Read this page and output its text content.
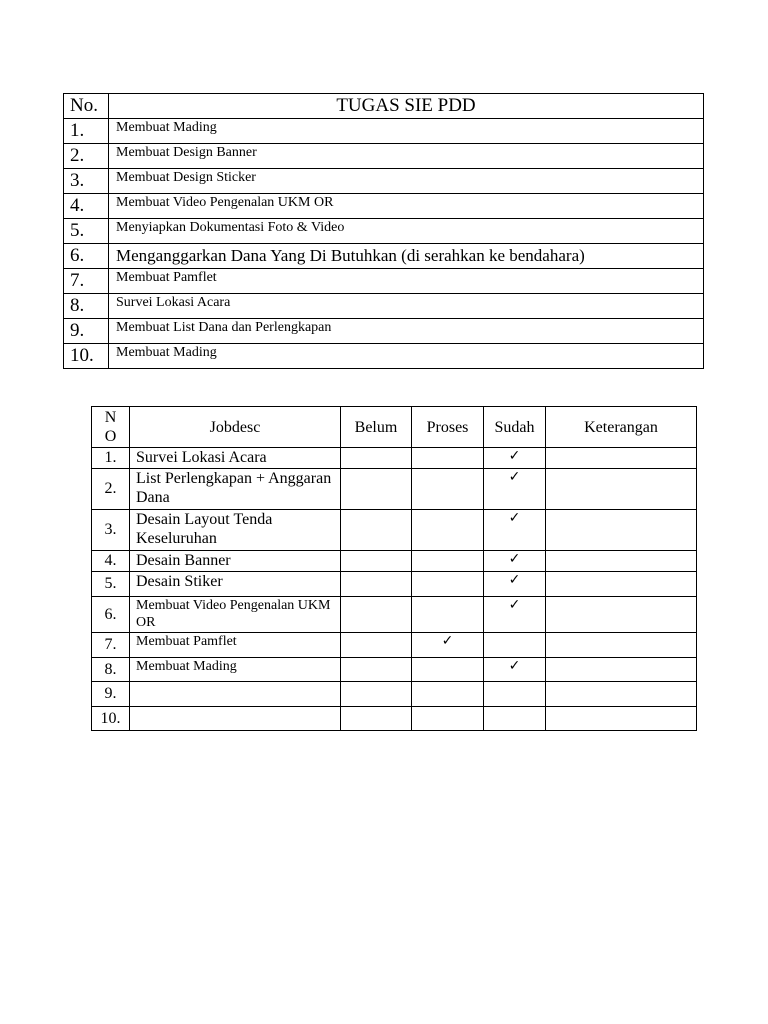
No.	TUGAS SIE PDD
1.	Membuat Mading
2.	Membuat Design Banner
3.	Membuat Design Sticker
4.	Membuat Video Pengenalan UKM OR
5.	Menyiapkan Dokumentasi Foto & Video
6.	Menganggarkan Dana Yang Di Butuhkan (di serahkan ke bendahara)
7.	Membuat Pamflet
8.	Survei Lokasi Acara
9.	Membuat List Dana dan Perlengkapan
10.	Membuat Mading
N
O	Jobdesc	Belum	Proses	Sudah	Keterangan
1.	Survei Lokasi Acara			✓	
2.	List Perlengkapan + Anggaran Dana			✓	
3.	Desain Layout Tenda Keseluruhan			✓	
4.	Desain Banner			✓	
5.	Desain Stiker			✓	
6.	Membuat Video Pengenalan UKM OR			✓	
7.	Membuat Pamflet		✓		
8.	Membuat Mading			✓	
9.					
10.					
